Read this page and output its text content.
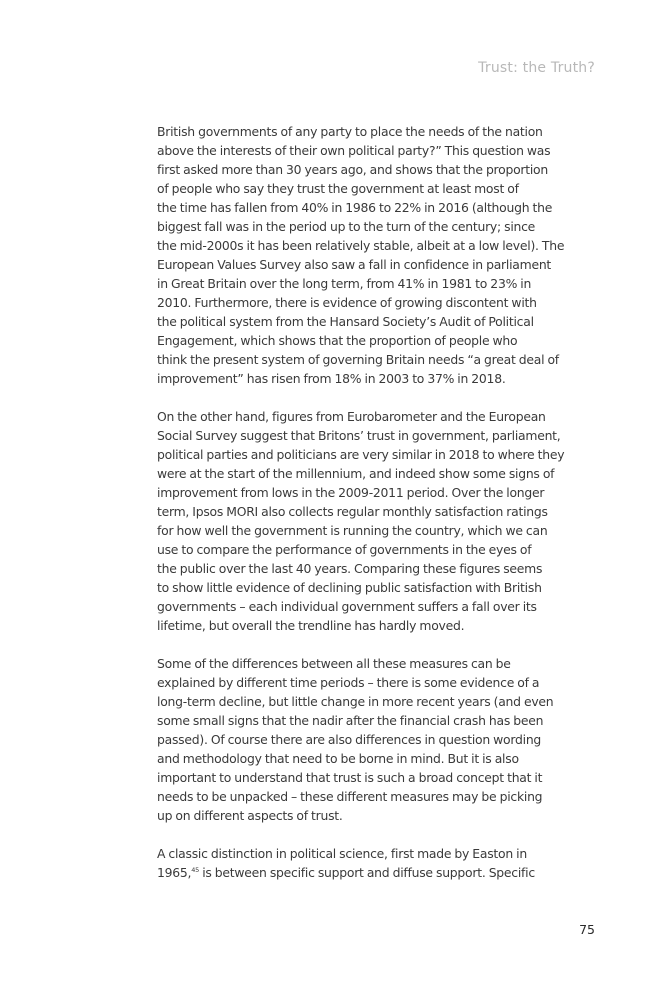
Trust: the Truth?

British governments of any party to place the needs of the nation
above the interests of their own political party?” This question was
first asked more than 30 years ago, and shows that the proportion
of people who say they trust the government at least most of
the time has fallen from 40% in 1986 to 22% in 2016 (although the
biggest fall was in the period up to the turn of the century; since
the mid-2000s it has been relatively stable, albeit at a low level). The
European Values Survey also saw a fall in confidence in parliament
in Great Britain over the long term, from 41% in 1981 to 23% in
2010. Furthermore, there is evidence of growing discontent with
the political system from the Hansard Society’s Audit of Political
Engagement, which shows that the proportion of people who
think the present system of governing Britain needs “a great deal of
improvement” has risen from 18% in 2003 to 37% in 2018.

On the other hand, figures from Eurobarometer and the European
Social Survey suggest that Britons’ trust in government, parliament,
political parties and politicians are very similar in 2018 to where they
were at the start of the millennium, and indeed show some signs of
improvement from lows in the 2009-2011 period. Over the longer
term, Ipsos MORI also collects regular monthly satisfaction ratings
for how well the government is running the country, which we can
use to compare the performance of governments in the eyes of
the public over the last 40 years. Comparing these figures seems
to show little evidence of declining public satisfaction with British
governments – each individual government suffers a fall over its
lifetime, but overall the trendline has hardly moved.

Some of the differences between all these measures can be
explained by different time periods – there is some evidence of a
long-term decline, but little change in more recent years (and even
some small signs that the nadir after the financial crash has been
passed). Of course there are also differences in question wording
and methodology that need to be borne in mind. But it is also
important to understand that trust is such a broad concept that it
needs to be unpacked – these different measures may be picking
up on different aspects of trust.

A classic distinction in political science, first made by Easton in
1965,45 is between specific support and diffuse support. Specific

75
